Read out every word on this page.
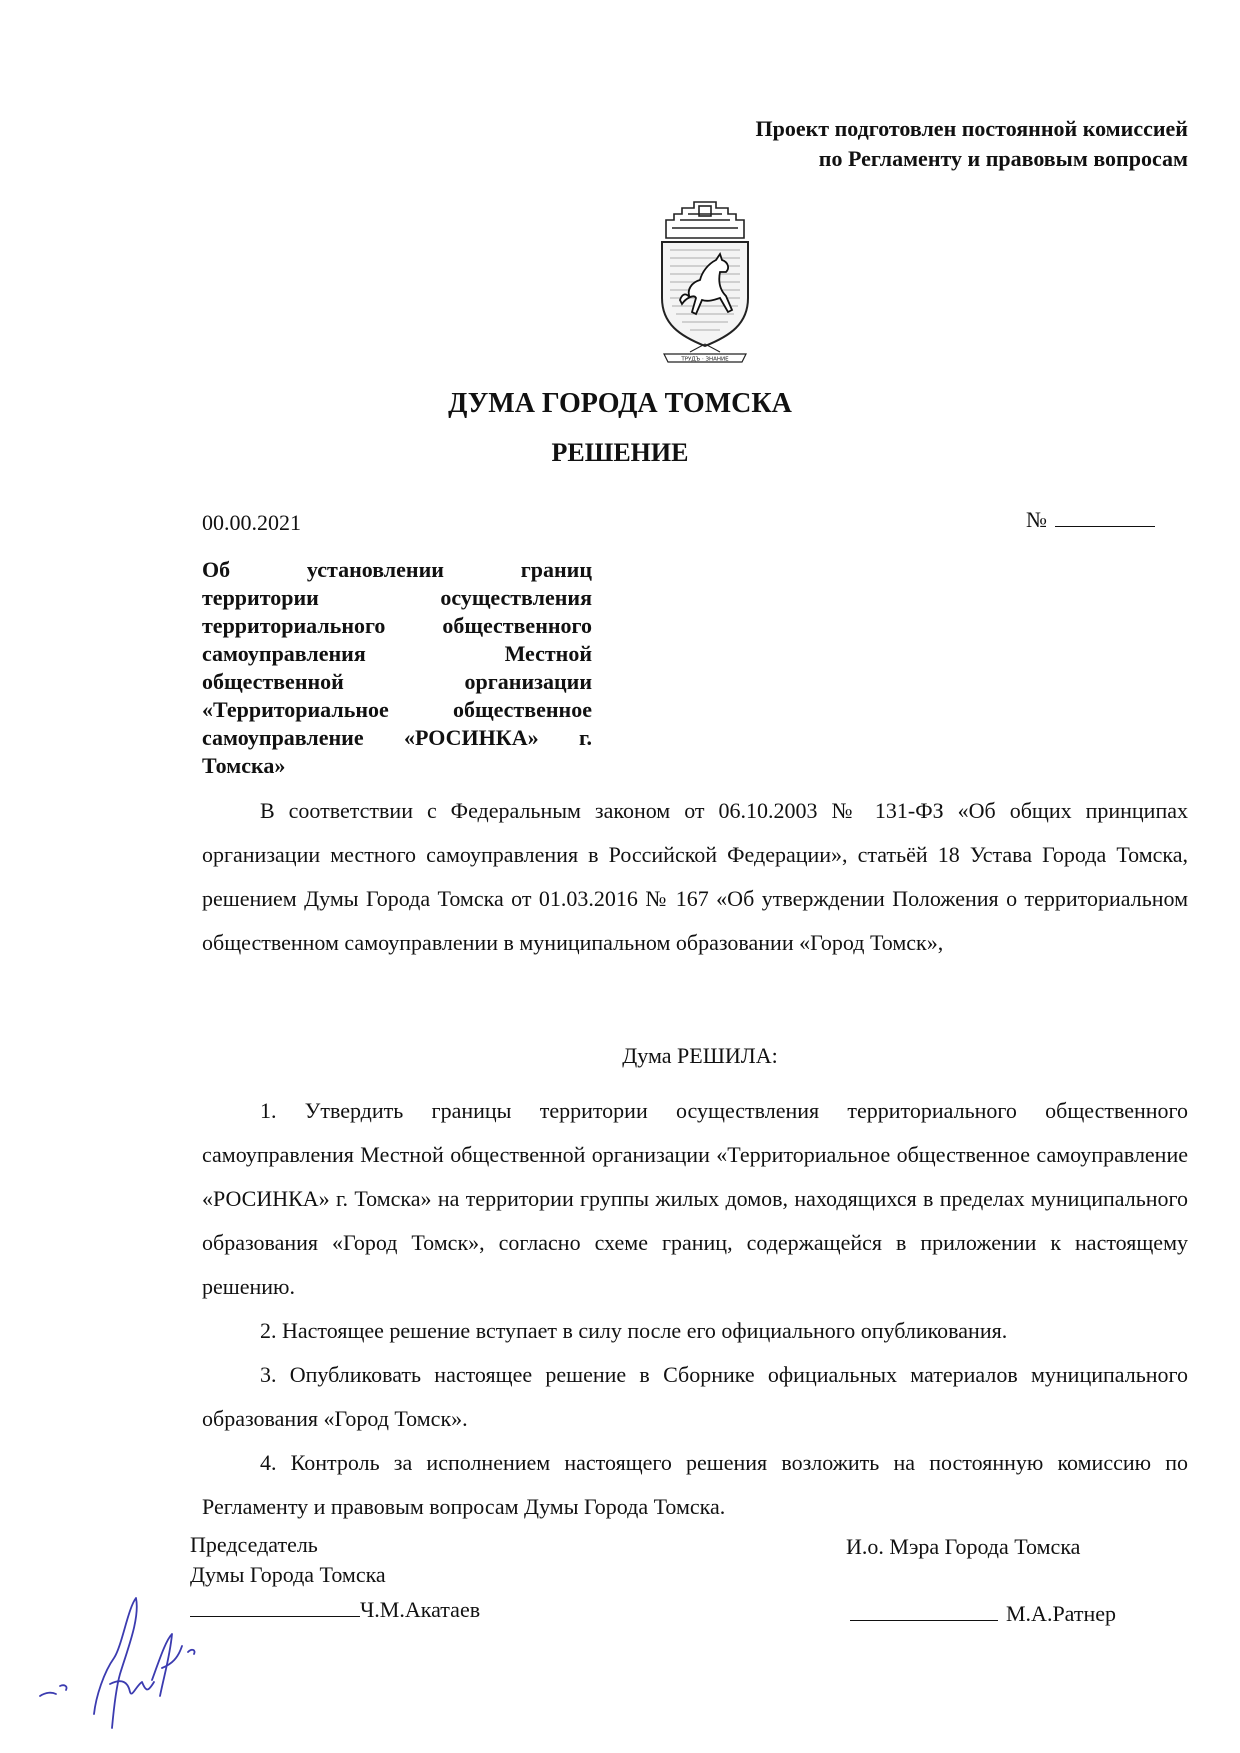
Проект подготовлен постоянной комиссией
по Регламенту и правовым вопросам
ТРУДЪ · ЗНАНИЕ
ДУМА ГОРОДА ТОМСКА
РЕШЕНИЕ
00.00.2021	№
Об установлении границ
территории осуществления территориального общественного самоуправления Местной общественной организации «Территориальное общественное самоуправление «РОСИНКА» г. Томска»

В соответствии с Федеральным законом от 06.10.2003 № 131-ФЗ «Об общих принципах организации местного самоуправления в Российской Федерации», статьёй 18 Устава Города Томска, решением Думы Города Томска от 01.03.2016 № 167 «Об утверждении Положения о территориальном общественном самоуправлении в муниципальном образовании «Город Томск»,

Дума РЕШИЛА:

1. Утвердить границы территории осуществления территориального общественного самоуправления Местной общественной организации «Территориальное общественное самоуправление «РОСИНКА» г. Томска» на территории группы жилых домов, находящихся в пределах муниципального образования «Город Томск», согласно схеме границ, содержащейся в приложении к настоящему решению.

2. Настоящее решение вступает в силу после его официального опубликования.

3. Опубликовать настоящее решение в Сборнике официальных материалов муниципального образования «Город Томск».

4. Контроль за исполнением настоящего решения возложить на постоянную комиссию по Регламенту и правовым вопросам Думы Города Томска.

Председатель
Думы Города Томска
И.о. Мэра Города Томска
Ч.М.Акатаев	М.А.Ратнер
